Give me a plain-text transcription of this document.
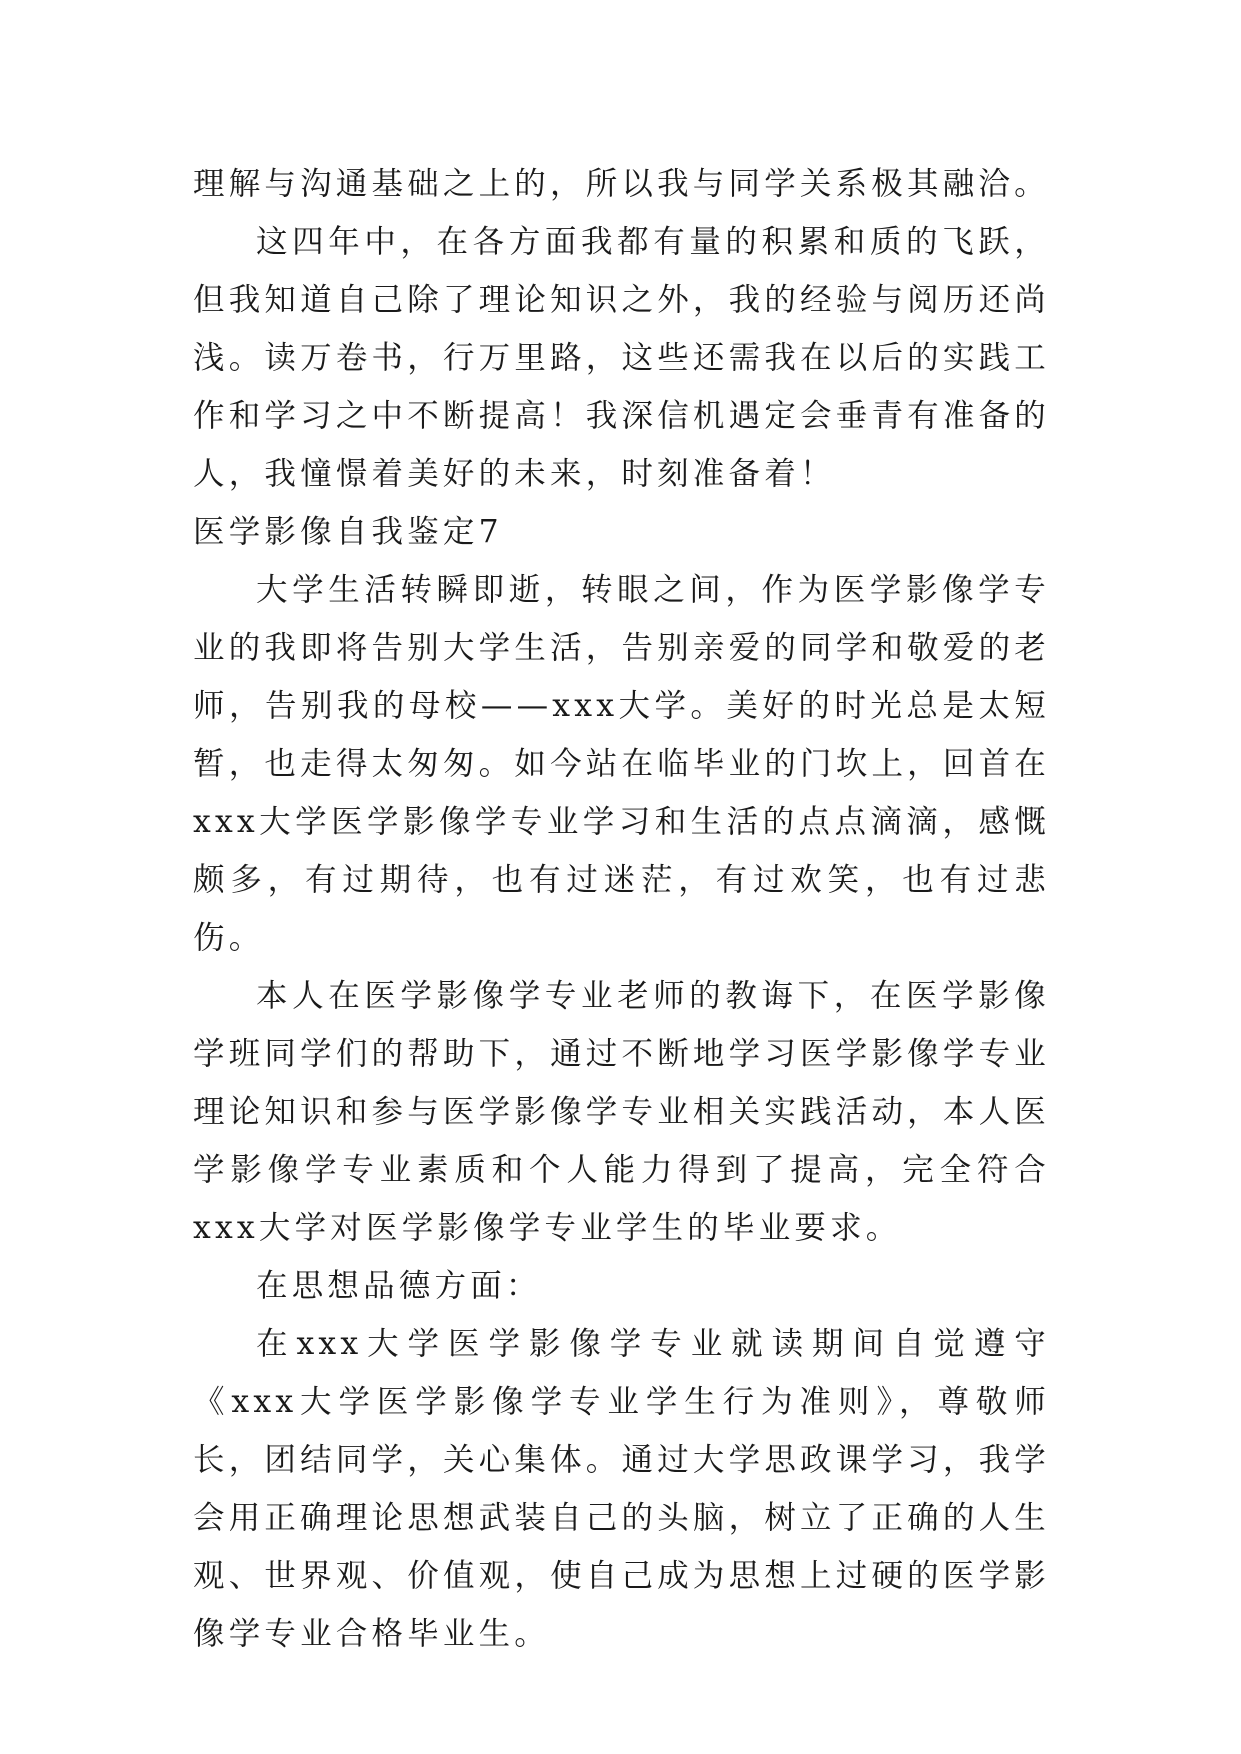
理解与沟通基础之上的，所以我与同学关系极其融洽。

这四年中，在各方面我都有量的积累和质的飞跃，但我知道自己除了理论知识之外，我的经验与阅历还尚浅。读万卷书，行万里路，这些还需我在以后的实践工作和学习之中不断提高！我深信机遇定会垂青有准备的人，我憧憬着美好的未来，时刻准备着！

医学影像自我鉴定7

大学生活转瞬即逝，转眼之间，作为医学影像学专业的我即将告别大学生活，告别亲爱的同学和敬爱的老师，告别我的母校——xxx大学。美好的时光总是太短暂，也走得太匆匆。如今站在临毕业的门坎上，回首在xxx大学医学影像学专业学习和生活的点点滴滴，感慨颇多，有过期待，也有过迷茫，有过欢笑，也有过悲伤。

本人在医学影像学专业老师的教诲下，在医学影像学班同学们的帮助下，通过不断地学习医学影像学专业理论知识和参与医学影像学专业相关实践活动，本人医学影像学专业素质和个人能力得到了提高，完全符合xxx大学对医学影像学专业学生的毕业要求。

在思想品德方面：

在xxx大学医学影像学专业就读期间自觉遵守《xxx大学医学影像学专业学生行为准则》，尊敬师长，团结同学，关心集体。通过大学思政课学习，我学会用正确理论思想武装自己的头脑，树立了正确的人生观、世界观、价值观，使自己成为思想上过硬的医学影像学专业合格毕业生。
